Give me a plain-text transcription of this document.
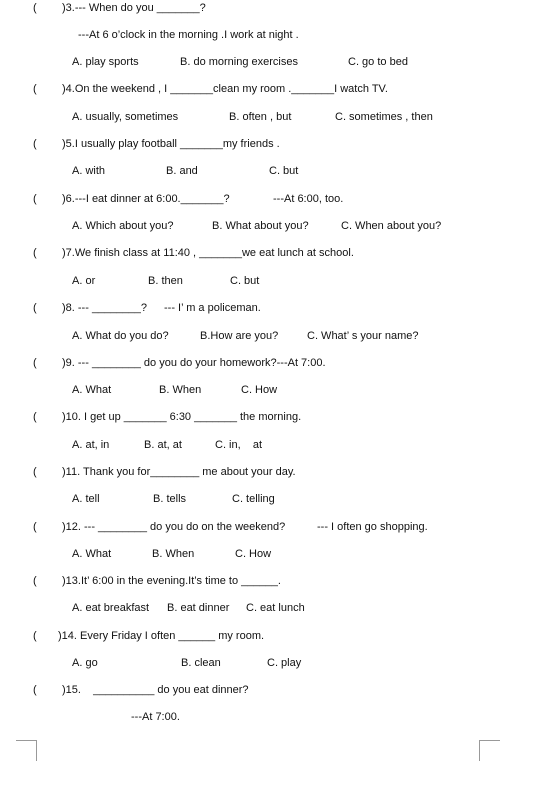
( )3.--- When do you _______?
---At 6 o’clock in the morning .I work at night .
A. play sports	B. do morning exercises	C. go to bed
( )4.On the weekend , I _______clean my room ._______I watch TV.
A. usually, sometimes	B. often , but	C. sometimes , then
( )5.I usually play football _______my friends .
A. with	B. and	C. but
( )6.---I eat dinner at 6:00._______?	---At 6:00, too.
A. Which about you?	B. What about you?	C. When about you?
( )7.We finish class at 11:40 , _______we eat lunch at school.
A. or	B. then	C. but
( )8. --- ________? --- I’ m a policeman.
A. What do you do?	B.How are you?	C. What’ s your name?
( )9. --- ________ do you do your homework?---At 7:00.
A. What	B. When	C. How
( )10. I get up _______ 6:30 _______ the morning.
A. at, in	B. at, at	C. in,    at
( )11. Thank you for________ me about your day.
A. tell	B. tells	C. telling
( )12. --- ________ do you do on the weekend?	--- I often go shopping.
A. What	B. When	C. How
( )13.It’ 6:00 in the evening.It’s time to ______.
A. eat breakfast B. eat dinner C. eat lunch
( )14. Every Friday I often ______ my room.
A. go	B. clean	C. play
( )15.    __________ do you eat dinner?
---At 7:00.
